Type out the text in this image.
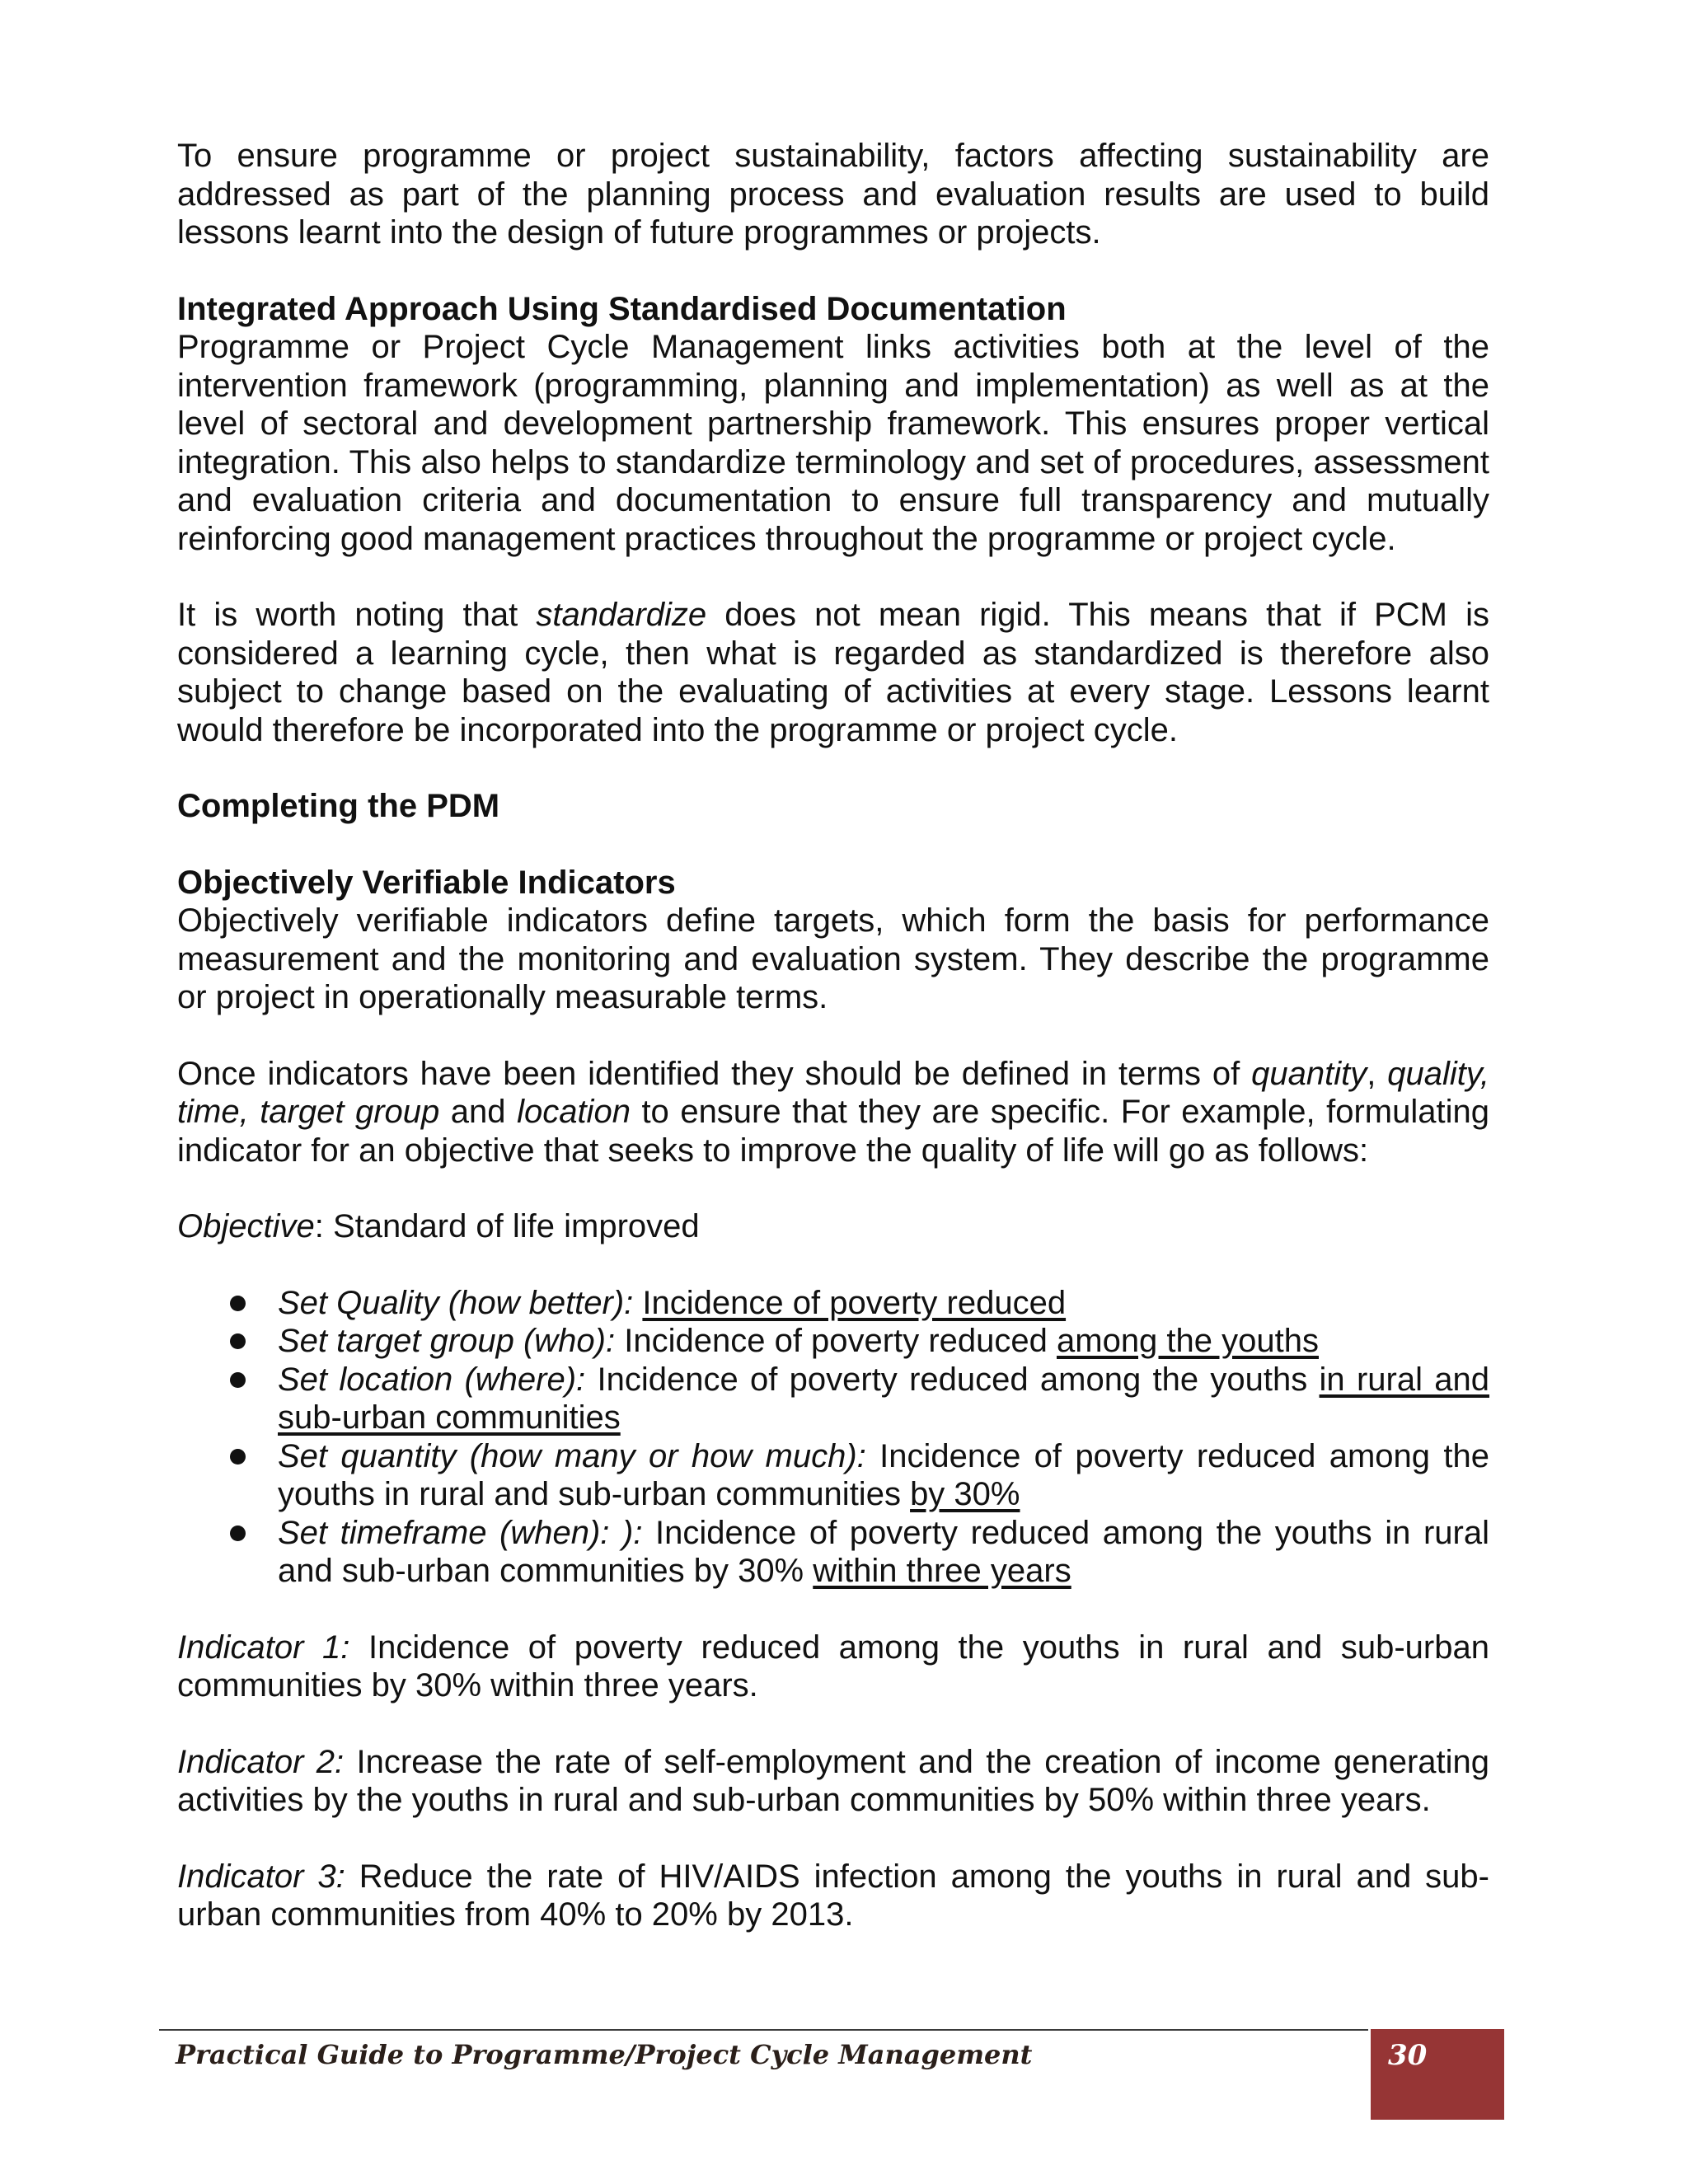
To ensure programme or project sustainability, factors affecting sustainability are addressed as part of the planning process and evaluation results are used to build lessons learnt into the design of future programmes or projects.

Integrated Approach Using Standardised Documentation

Programme or Project Cycle Management links activities both at the level of the intervention framework (programming, planning and implementation) as well as at the level of sectoral and development partnership framework. This ensures proper vertical integration. This also helps to standardize terminology and set of procedures, assessment and evaluation criteria and documentation to ensure full transparency and mutually reinforcing good management practices throughout the programme or project cycle.

It is worth noting that standardize does not mean rigid. This means that if PCM is considered a learning cycle, then what is regarded as standardized is therefore also subject to change based on the evaluating of activities at every stage. Lessons learnt would therefore be incorporated into the programme or project cycle.

Completing the PDM
Objectively Verifiable Indicators

Objectively verifiable indicators define targets, which form the basis for performance measurement and the monitoring and evaluation system. They describe the programme or project in operationally measurable terms.

Once indicators have been identified they should be defined in terms of quantity, quality, time, target group and location to ensure that they are specific. For example, formulating indicator for an objective that seeks to improve the quality of life will go as follows:

Objective: Standard of life improved

Set Quality (how better): Incidence of poverty reduced
Set target group (who): Incidence of poverty reduced among the youths
Set location (where): Incidence of poverty reduced among the youths in rural and sub-urban communities
Set quantity (how many or how much): Incidence of poverty reduced among the youths in rural and sub-urban communities by 30%
Set timeframe (when): ): Incidence of poverty reduced among the youths in rural and sub-urban communities by 30% within three years

Indicator 1: Incidence of poverty reduced among the youths in rural and sub-urban communities by 30% within three years.

Indicator 2: Increase the rate of self-employment and the creation of income generating activities by the youths in rural and sub-urban communities by 50% within three years.

Indicator 3: Reduce the rate of HIV/AIDS infection among the youths in rural and sub-urban communities from 40% to 20% by 2013.

Practical Guide to Programme/Project Cycle Management	30
